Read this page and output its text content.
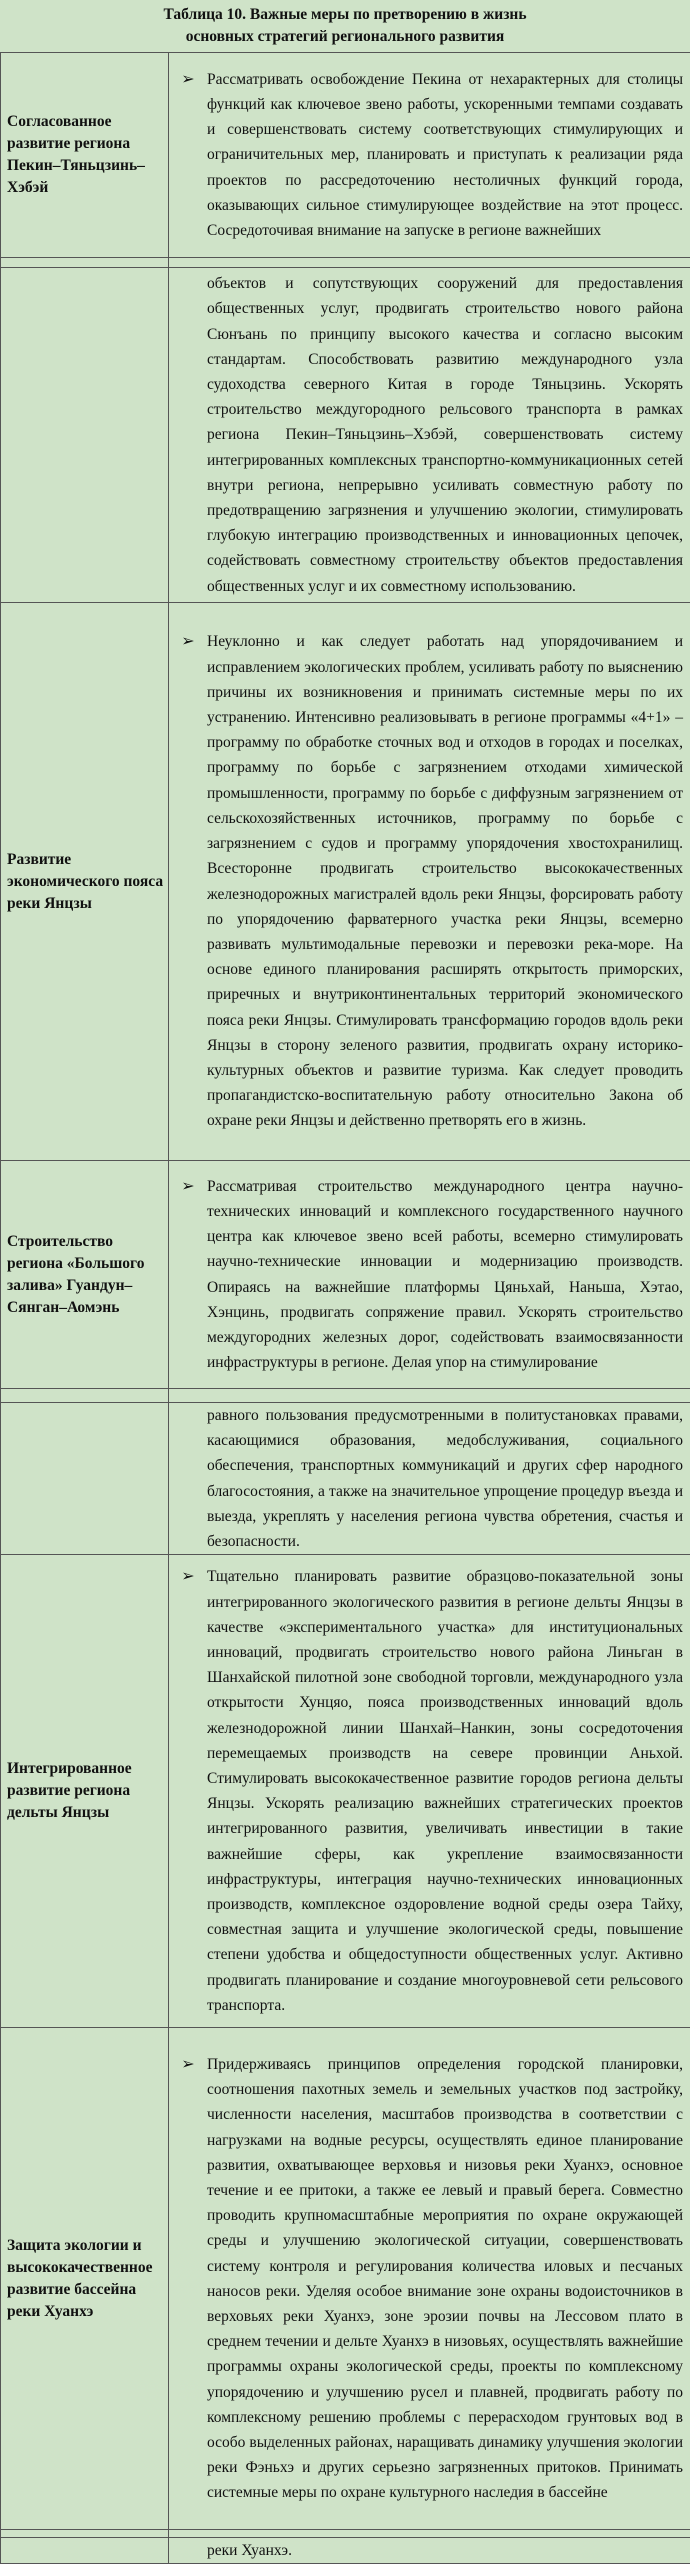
Таблица 10. Важные меры по претворению в жизнь
основных стратегий регионального развития
Согласованное развитие региона Пекин–Тяньцзинь–Хэбэй	➢ Рассматривать освобождение Пекина от нехарактерных для столицы функций как ключевое звено работы, ускоренными темпами создавать и совершенствовать систему соответствующих стимулирующих и ограничительных мер, планировать и приступать к реализации ряда проектов по рассредоточению нестоличных функций города, оказывающих сильное стимулирующее воздействие на этот процесс. Сосредоточивая внимание на запуске в регионе важнейших

	объектов и сопутствующих сооружений для предоставления общественных услуг, продвигать строительство нового района Сюнъань по принципу высокого качества и согласно высоким стандартам. Способствовать развитию международного узла судоходства северного Китая в городе Тяньцзинь. Ускорять строительство междугородного рельсового транспорта в рамках региона Пекин–Тяньцзинь–Хэбэй, совершенствовать систему интегрированных комплексных транспортно-коммуникационных сетей внутри региона, непрерывно усиливать совместную работу по предотвращению загрязнения и улучшению экологии, стимулировать глубокую интеграцию производственных и инновационных цепочек, содействовать совместному строительству объектов предоставления общественных услуг и их совместному использованию.

Развитие экономического пояса реки Янцзы	➢ Неуклонно и как следует работать над упорядочиванием и исправлением экологических проблем, усиливать работу по выяснению причины их возникновения и принимать системные меры по их устранению. Интенсивно реализовывать в регионе программы «4+1» – программу по обработке сточных вод и отходов в городах и поселках, программу по борьбе с загрязнением отходами химической промышленности, программу по борьбе с диффузным загрязнением от сельскохозяйственных источников, программу по борьбе с загрязнением с судов и программу упорядочения хвостохранилищ. Всесторонне продвигать строительство высококачественных железнодорожных магистралей вдоль реки Янцзы, форсировать работу по упорядочению фарватерного участка реки Янцзы, всемерно развивать мультимодальные перевозки и перевозки река-море. На основе единого планирования расширять открытость приморских, приречных и внутриконтинентальных территорий экономического пояса реки Янцзы. Стимулировать трансформацию городов вдоль реки Янцзы в сторону зеленого развития, продвигать охрану историко-культурных объектов и развитие туризма. Как следует проводить пропагандистско-воспитательную работу относительно Закона об охране реки Янцзы и действенно претворять его в жизнь.

Строительство региона «Большого залива» Гуандун–Сянган–Аомэнь	➢ Рассматривая строительство международного центра научно-технических инноваций и комплексного государственного научного центра как ключевое звено всей работы, всемерно стимулировать научно-технические инновации и модернизацию производств. Опираясь на важнейшие платформы Цяньхай, Наньша, Хэтао, Хэнцинь, продвигать сопряжение правил. Ускорять строительство междугородних железных дорог, содействовать взаимосвязанности инфраструктуры в регионе. Делая упор на стимулирование

	равного пользования предусмотренными в политустановках правами, касающимися образования, медобслуживания, социального обеспечения, транспортных коммуникаций и других сфер народного благосостояния, а также на значительное упрощение процедур въезда и выезда, укреплять у населения региона чувства обретения, счастья и безопасности.

Интегрированное развитие региона дельты Янцзы	➢ Тщательно планировать развитие образцово-показательной зоны интегрированного экологического развития в регионе дельты Янцзы в качестве «экспериментального участка» для институциональных инноваций, продвигать строительство нового района Линьган в Шанхайской пилотной зоне свободной торговли, международного узла открытости Хунцяо, пояса производственных инноваций вдоль железнодорожной линии Шанхай–Нанкин, зоны сосредоточения перемещаемых производств на севере провинции Аньхой. Стимулировать высококачественное развитие городов региона дельты Янцзы. Ускорять реализацию важнейших стратегических проектов интегрированного развития, увеличивать инвестиции в такие важнейшие сферы, как укрепление взаимосвязанности инфраструктуры, интеграция научно-технических инновационных производств, комплексное оздоровление водной среды озера Тайху, совместная защита и улучшение экологической среды, повышение степени удобства и общедоступности общественных услуг. Активно продвигать планирование и создание многоуровневой сети рельсового транспорта.

Защита экологии и высококачественное развитие бассейна реки Хуанхэ	➢ Придерживаясь принципов определения городской планировки, соотношения пахотных земель и земельных участков под застройку, численности населения, масштабов производства в соответствии с нагрузками на водные ресурсы, осуществлять единое планирование развития, охватывающее верховья и низовья реки Хуанхэ, основное течение и ее притоки, а также ее левый и правый берега. Совместно проводить крупномасштабные мероприятия по охране окружающей среды и улучшению экологической ситуации, совершенствовать систему контроля и регулирования количества иловых и песчаных наносов реки. Уделяя особое внимание зоне охраны водоисточников в верховьях реки Хуанхэ, зоне эрозии почвы на Лессовом плато в среднем течении и дельте Хуанхэ в низовьях, осуществлять важнейшие программы охраны экологической среды, проекты по комплексному упорядочению и улучшению русел и плавней, продвигать работу по комплексному решению проблемы с перерасходом грунтовых вод в особо выделенных районах, наращивать динамику улучшения экологии реки Фэньхэ и других серьезно загрязненных притоков. Принимать системные меры по охране культурного наследия в бассейне

	реки Хуанхэ.
